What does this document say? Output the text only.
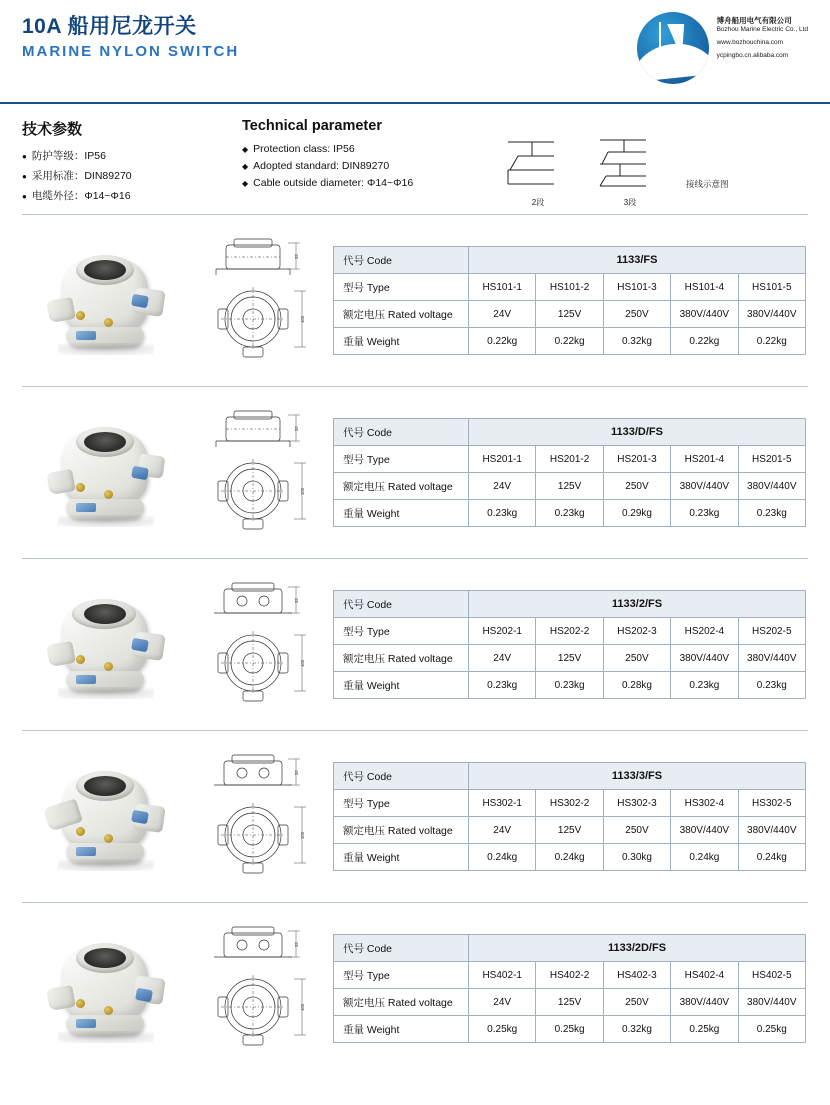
10A 船用尼龙开关
MARINE NYLON SWITCH
博舟船用电气有限公司
Bozhou Marine Electric Co., Ltd
www.bozhouchina.com
ycpingbo.cn.alibaba.com
技术参数
● 防护等级：IP56
● 采用标准：DIN89270
● 电缆外径：Φ14~Φ16
Technical parameter
◆ Protection class: IP56
◆ Adopted standard: DIN89270
◆ Cable outside diameter: Φ14~Φ16
2段	3段
接线示意图
32
103
代号 Code	1133/FS				
型号 Type	HS101-1	HS101-2	HS101-3	HS101-4	HS101-5
额定电压 Rated voltage	24V	125V	250V	380V/440V	380V/440V
重量 Weight	0.22kg	0.22kg	0.32kg	0.22kg	0.22kg
32
103
代号 Code	1133/D/FS				
型号 Type	HS201-1	HS201-2	HS201-3	HS201-4	HS201-5
额定电压 Rated voltage	24V	125V	250V	380V/440V	380V/440V
重量 Weight	0.23kg	0.23kg	0.29kg	0.23kg	0.23kg
32
103
代号 Code	1133/2/FS				
型号 Type	HS202-1	HS202-2	HS202-3	HS202-4	HS202-5
额定电压 Rated voltage	24V	125V	250V	380V/440V	380V/440V
重量 Weight	0.23kg	0.23kg	0.28kg	0.23kg	0.23kg
32
103
代号 Code	1133/3/FS				
型号 Type	HS302-1	HS302-2	HS302-3	HS302-4	HS302-5
额定电压 Rated voltage	24V	125V	250V	380V/440V	380V/440V
重量 Weight	0.24kg	0.24kg	0.30kg	0.24kg	0.24kg
32
103
代号 Code	1133/2D/FS				
型号 Type	HS402-1	HS402-2	HS402-3	HS402-4	HS402-5
额定电压 Rated voltage	24V	125V	250V	380V/440V	380V/440V
重量 Weight	0.25kg	0.25kg	0.32kg	0.25kg	0.25kg
